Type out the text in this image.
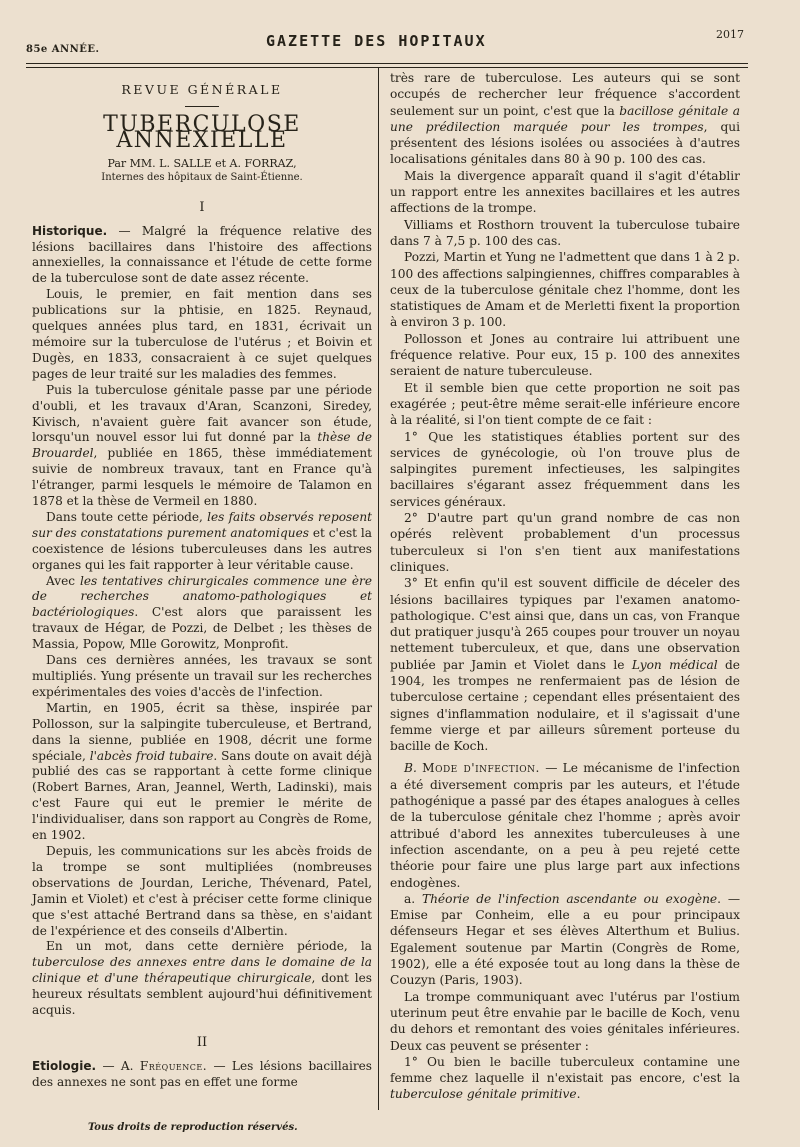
85e ANNÉE.	GAZETTE DES HOPITAUX	2017
REVUE GÉNÉRALE
TUBERCULOSE ANNEXIELLE
Par MM. L. SALLE et A. FORRAZ,
Internes des hôpitaux de Saint-Étienne.
I

Historique. — Malgré la fréquence relative des lésions bacillaires dans l'histoire des affections annexielles, la connaissance et l'étude de cette forme de la tuberculose sont de date assez récente.

Louis, le premier, en fait mention dans ses publications sur la phtisie, en 1825. Reynaud, quelques années plus tard, en 1831, écrivait un mémoire sur la tuberculose de l'utérus ; et Boivin et Dugès, en 1833, consacraient à ce sujet quelques pages de leur traité sur les maladies des femmes.

Puis la tuberculose génitale passe par une période d'oubli, et les travaux d'Aran, Scanzoni, Siredey, Kivisch, n'avaient guère fait avancer son étude, lorsqu'un nouvel essor lui fut donné par la thèse de Brouardel, publiée en 1865, thèse immédiatement suivie de nombreux travaux, tant en France qu'à l'étranger, parmi lesquels le mémoire de Talamon en 1878 et la thèse de Vermeil en 1880.

Dans toute cette période, les faits observés reposent sur des constatations purement anatomiques et c'est la coexistence de lésions tuberculeuses dans les autres organes qui les fait rapporter à leur véritable cause.

Avec les tentatives chirurgicales commence une ère de recherches anatomo-pathologiques et bactériologiques. C'est alors que paraissent les travaux de Hégar, de Pozzi, de Delbet ; les thèses de Massia, Popow, Mlle Gorowitz, Monprofit.

Dans ces dernières années, les travaux se sont multipliés. Yung présente un travail sur les recherches expérimentales des voies d'accès de l'infection.

Martin, en 1905, écrit sa thèse, inspirée par Pollosson, sur la salpingite tuberculeuse, et Bertrand, dans la sienne, publiée en 1908, décrit une forme spéciale, l'abcès froid tubaire. Sans doute on avait déjà publié des cas se rapportant à cette forme clinique (Robert Barnes, Aran, Jeannel, Werth, Ladinski), mais c'est Faure qui eut le premier le mérite de l'individualiser, dans son rapport au Congrès de Rome, en 1902.

Depuis, les communications sur les abcès froids de la trompe se sont multipliées (nombreuses observations de Jourdan, Leriche, Thévenard, Patel, Jamin et Violet) et c'est à préciser cette forme clinique que s'est attaché Bertrand dans sa thèse, en s'aidant de l'expérience et des conseils d'Albertin.

En un mot, dans cette dernière période, la tuberculose des annexes entre dans le domaine de la clinique et d'une thérapeutique chirurgicale, dont les heureux résultats semblent aujourd'hui définitivement acquis.

II

Etiologie. — A. Fréquence. — Les lésions bacillaires des annexes ne sont pas en effet une forme

très rare de tuberculose. Les auteurs qui se sont occupés de rechercher leur fréquence s'accordent seulement sur un point, c'est que la bacillose génitale a une prédilection marquée pour les trompes, qui présentent des lésions isolées ou associées à d'autres localisations génitales dans 80 à 90 p. 100 des cas.

Mais la divergence apparaît quand il s'agit d'établir un rapport entre les annexites bacillaires et les autres affections de la trompe.

Villiams et Rosthorn trouvent la tuberculose tubaire dans 7 à 7,5 p. 100 des cas.

Pozzi, Martin et Yung ne l'admettent que dans 1 à 2 p. 100 des affections salpingiennes, chiffres comparables à ceux de la tuberculose génitale chez l'homme, dont les statistiques de Amam et de Merletti fixent la proportion à environ 3 p. 100.

Pollosson et Jones au contraire lui attribuent une fréquence relative. Pour eux, 15 p. 100 des annexites seraient de nature tuberculeuse.

Et il semble bien que cette proportion ne soit pas exagérée ; peut-être même serait-elle inférieure encore à la réalité, si l'on tient compte de ce fait :

1° Que les statistiques établies portent sur des services de gynécologie, où l'on trouve plus de salpingites purement infectieuses, les salpingites bacillaires s'égarant assez fréquemment dans les services généraux.

2° D'autre part qu'un grand nombre de cas non opérés relèvent probablement d'un processus tuberculeux si l'on s'en tient aux manifestations cliniques.

3° Et enfin qu'il est souvent difficile de déceler des lésions bacillaires typiques par l'examen anatomo-pathologique. C'est ainsi que, dans un cas, von Franque dut pratiquer jusqu'à 265 coupes pour trouver un noyau nettement tuberculeux, et que, dans une observation publiée par Jamin et Violet dans le Lyon médical de 1904, les trompes ne renfermaient pas de lésion de tuberculose certaine ; cependant elles présentaient des signes d'inflammation nodulaire, et il s'agissait d'une femme vierge et par ailleurs sûrement porteuse du bacille de Koch.

B. Mode d'infection. — Le mécanisme de l'infection a été diversement compris par les auteurs, et l'étude pathogénique a passé par des étapes analogues à celles de la tuberculose génitale chez l'homme ; après avoir attribué d'abord les annexites tuberculeuses à une infection ascendante, on a peu à peu rejeté cette théorie pour faire une plus large part aux infections endogènes.

a. Théorie de l'infection ascendante ou exogène. — Emise par Conheim, elle a eu pour principaux défenseurs Hegar et ses élèves Alterthum et Bulius. Egalement soutenue par Martin (Congrès de Rome, 1902), elle a été exposée tout au long dans la thèse de Couzyn (Paris, 1903).

La trompe communiquant avec l'utérus par l'ostium uterinum peut être envahie par le bacille de Koch, venu du dehors et remontant des voies génitales inférieures. Deux cas peuvent se présenter :

1° Ou bien le bacille tuberculeux contamine une femme chez laquelle il n'existait pas encore, c'est la tuberculose génitale primitive.

Tous droits de reproduction réservés.
